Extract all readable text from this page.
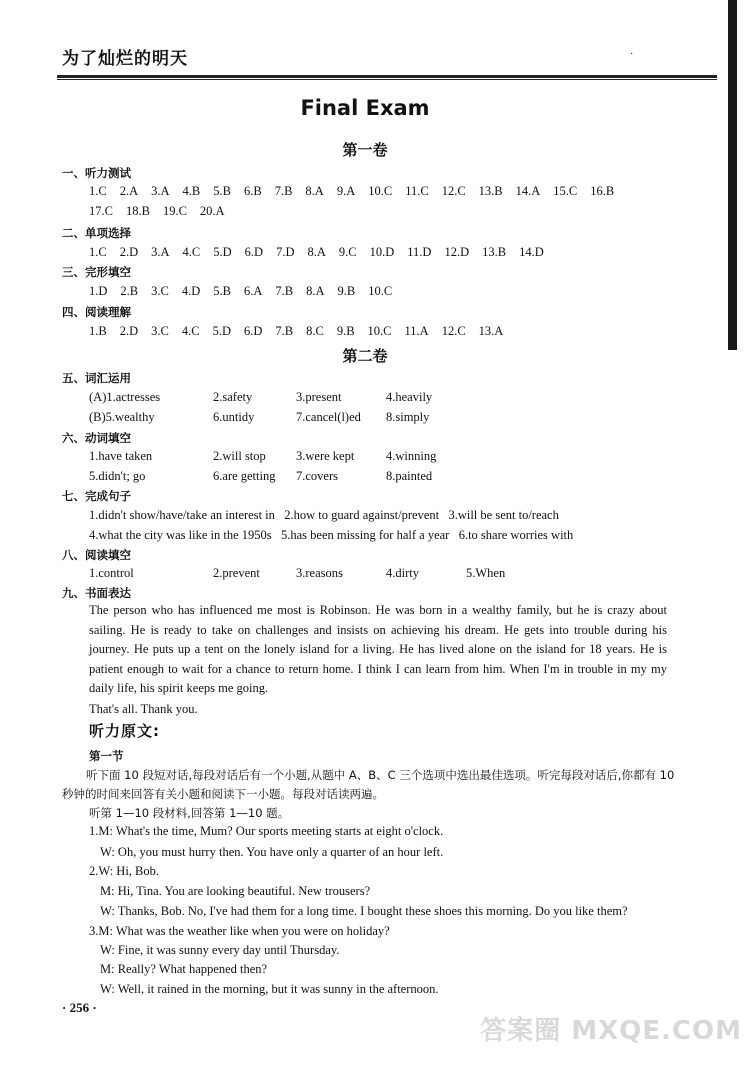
为了灿烂的明天	·
Final Exam
第一卷
一、听力测试
1.C 2.A 3.A 4.B 5.B 6.B 7.B 8.A 9.A 10.C 11.C 12.C 13.B 14.A 15.C 16.B
17.C 18.B 19.C 20.A
二、单项选择
1.C 2.D 3.A 4.C 5.D 6.D 7.D 8.A 9.C 10.D 11.D 12.D 13.B 14.D
三、完形填空
1.D 2.B 3.C 4.D 5.B 6.A 7.B 8.A 9.B 10.C
四、阅读理解
1.B 2.D 3.C 4.C 5.D 6.D 7.B 8.C 9.B 10.C 11.A 12.C 13.A
第二卷
五、词汇运用
六、动词填空
七、完成句子
1.didn't show/have/take an interest in   2.how to guard against/prevent   3.will be sent to/reach
4.what the city was like in the 1950s   5.has been missing for half a year   6.to share worries with
八、阅读填空
九、书面表达

The person who has influenced me most is Robinson. He was born in a wealthy family, but he is crazy about sailing. He is ready to take on challenges and insists on achieving his dream. He gets into trouble during his journey. He puts up a tent on the lonely island for a living. He has lived alone on the island for 18 years. He is patient enough to wait for a chance to return home. I think I can learn from him. When I'm in trouble in my my daily life, his spirit keeps me going.

That's all. Thank you.
听力原文:
第一节
听下面 10 段短对话,每段对话后有一个小题,从题中 A、B、C 三个选项中选出最佳选项。听完每段对话后,你都有 10 秒钟的时间来回答有关小题和阅读下一小题。每段对话读两遍。
听第 1—10 段材料,回答第 1—10 题。
· 256 ·
答案圈 MXQE.COM
(A)1.actresses	2.safety	3.present	4.heavily
(B)5.wealthy	6.untidy	7.cancel(l)ed 8.simply
1.have taken	2.will stop 3.were kept	4.winning
5.didn't; go	6.are getting 7.covers	8.painted
1.control	2.prevent	3.reasons	4.dirty	5.When
1.M: What's the time, Mum? Our sports meeting starts at eight o'clock.
W: Oh, you must hurry then. You have only a quarter of an hour left.
2.W: Hi, Bob.
M: Hi, Tina. You are looking beautiful. New trousers?
W: Thanks, Bob. No, I've had them for a long time. I bought these shoes this morning. Do you like them?
3.M: What was the weather like when you were on holiday?
W: Fine, it was sunny every day until Thursday.
M: Really? What happened then?
W: Well, it rained in the morning, but it was sunny in the afternoon.
